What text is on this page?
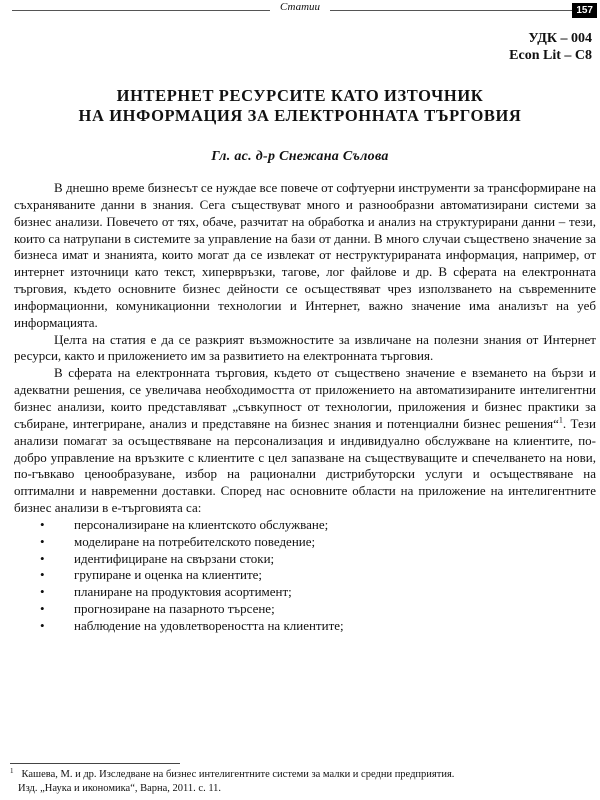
Статии	157
УДК – 004
Econ Lit – C8
ИНТЕРНЕТ РЕСУРСИТЕ КАТО ИЗТОЧНИК
НА ИНФОРМАЦИЯ ЗА ЕЛЕКТРОННАТА ТЪРГОВИЯ
Гл. ас. д-р Снежана Сълова

В днешно време бизнесът се нуждае все повече от софтуерни инструменти за трансформиране на съхраняваните данни в знания. Сега съществуват много и разнообразни автоматизирани системи за бизнес анализи. Повечето от тях, обаче, разчитат на обработка и анализ на структурирани данни – тези, които са натрупани в системите за управление на бази от данни. В много случаи съществено значение за бизнеса имат и знанията, които могат да се извлекат от неструктурираната информация, например, от интернет източници като текст, хипервръзки, тагове, лог файлове и др. В сферата на електронната търговия, където основните бизнес дейности се осъществяват чрез използването на съвременните информационни, комуникационни технологии и Интернет, важно значение има анализът на уеб информацията.

Целта на статия е да се разкрият възможностите за извличане на полезни знания от Интернет ресурси, както и приложението им за развитието на електронната търговия.

В сферата на електронната търговия, където от съществено значение е вземането на бързи и адекватни решения, се увеличава необходимостта от приложението на автоматизираните интелигентни бизнес анализи, които представляват „съвкупност от технологии, приложения и бизнес практики за събиране, интегриране, анализ и представяне на бизнес знания и потенциални бизнес решения“$^1$. Тези анализи помагат за осъществяване на персонализация и индивидуално обслужване на клиентите, по-добро управление на връзките с клиентите с цел запазване на съществуващите и спечелването на нови, по-гъвкаво ценообразуване, избор на рационални дистрибуторски услуги и осъществяване на оптимални и навременни доставки. Според нас основните области на приложение на интелигентните бизнес анализи в е-търговията са:

• персонализиране на клиентското обслужване;
• моделиране на потребителското поведение;
• идентифициране на свързани стоки;
• групиране и оценка на клиентите;
• планиране на продуктовия асортимент;
• прогнозиране на пазарното търсене;
• наблюдение на удовлетвореността на клиентите;

$^1$ Кашева, М. и др. Изследване на бизнес интелигентните системи за малки и средни предприятия.

Изд. „Наука и икономика“, Варна, 2011. с. 11.
